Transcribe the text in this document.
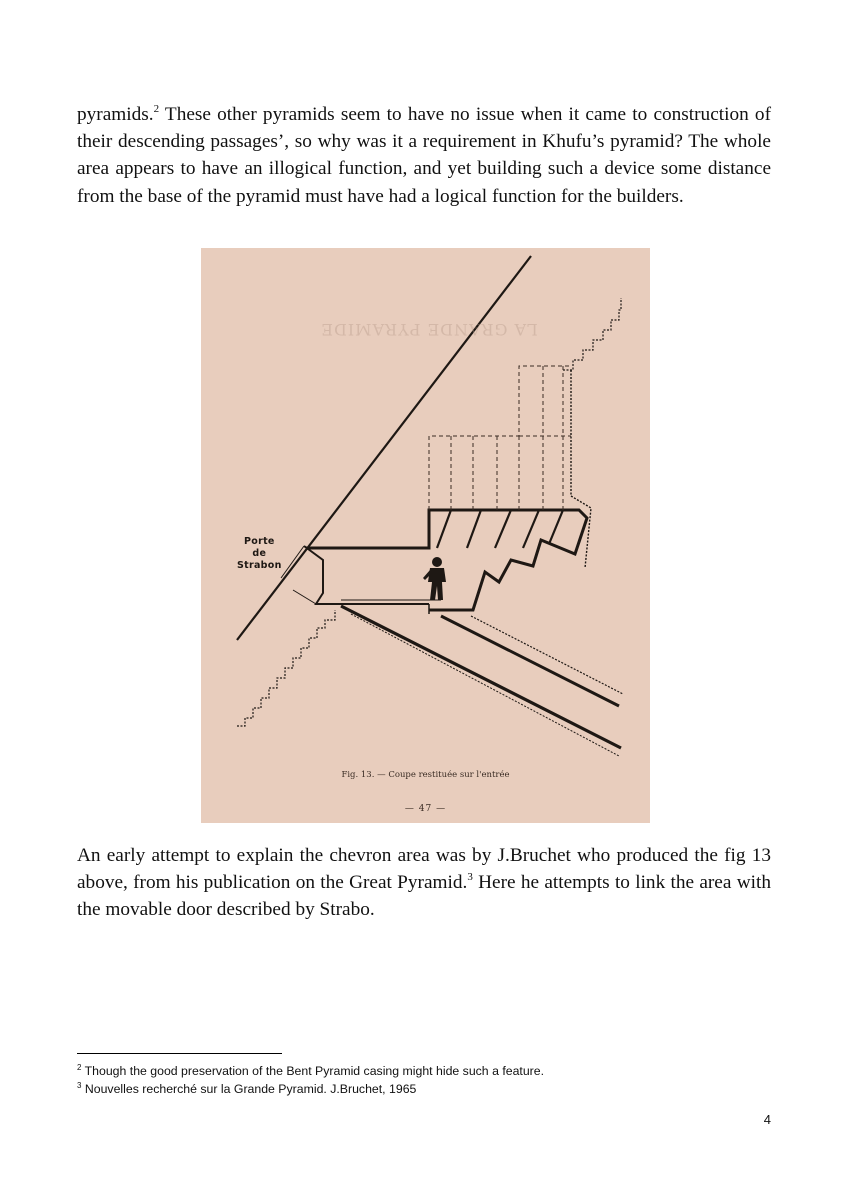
pyramids.$^2$ These other pyramids seem to have no issue when it came to construction of their descending passages’, so why was it a requirement in Khufu’s pyramid? The whole area appears to have an illogical function, and yet building such a device some distance from the base of the pyramid must have had a logical function for the builders.

LA GRANDE PYRAMIDE
Porte
de
Strabon
Fig. 13. — Coupe restituée sur l'entrée
— 47 —

An early attempt to explain the chevron area was by J.Bruchet who produced the fig 13 above, from his publication on the Great Pyramid.$^3$ Here he attempts to link the area with the movable door described by Strabo.

$^2$ Though the good preservation of the Bent Pyramid casing might hide such a feature.
$^3$ Nouvelles recherché sur la Grande Pyramid. J.Bruchet, 1965
4
